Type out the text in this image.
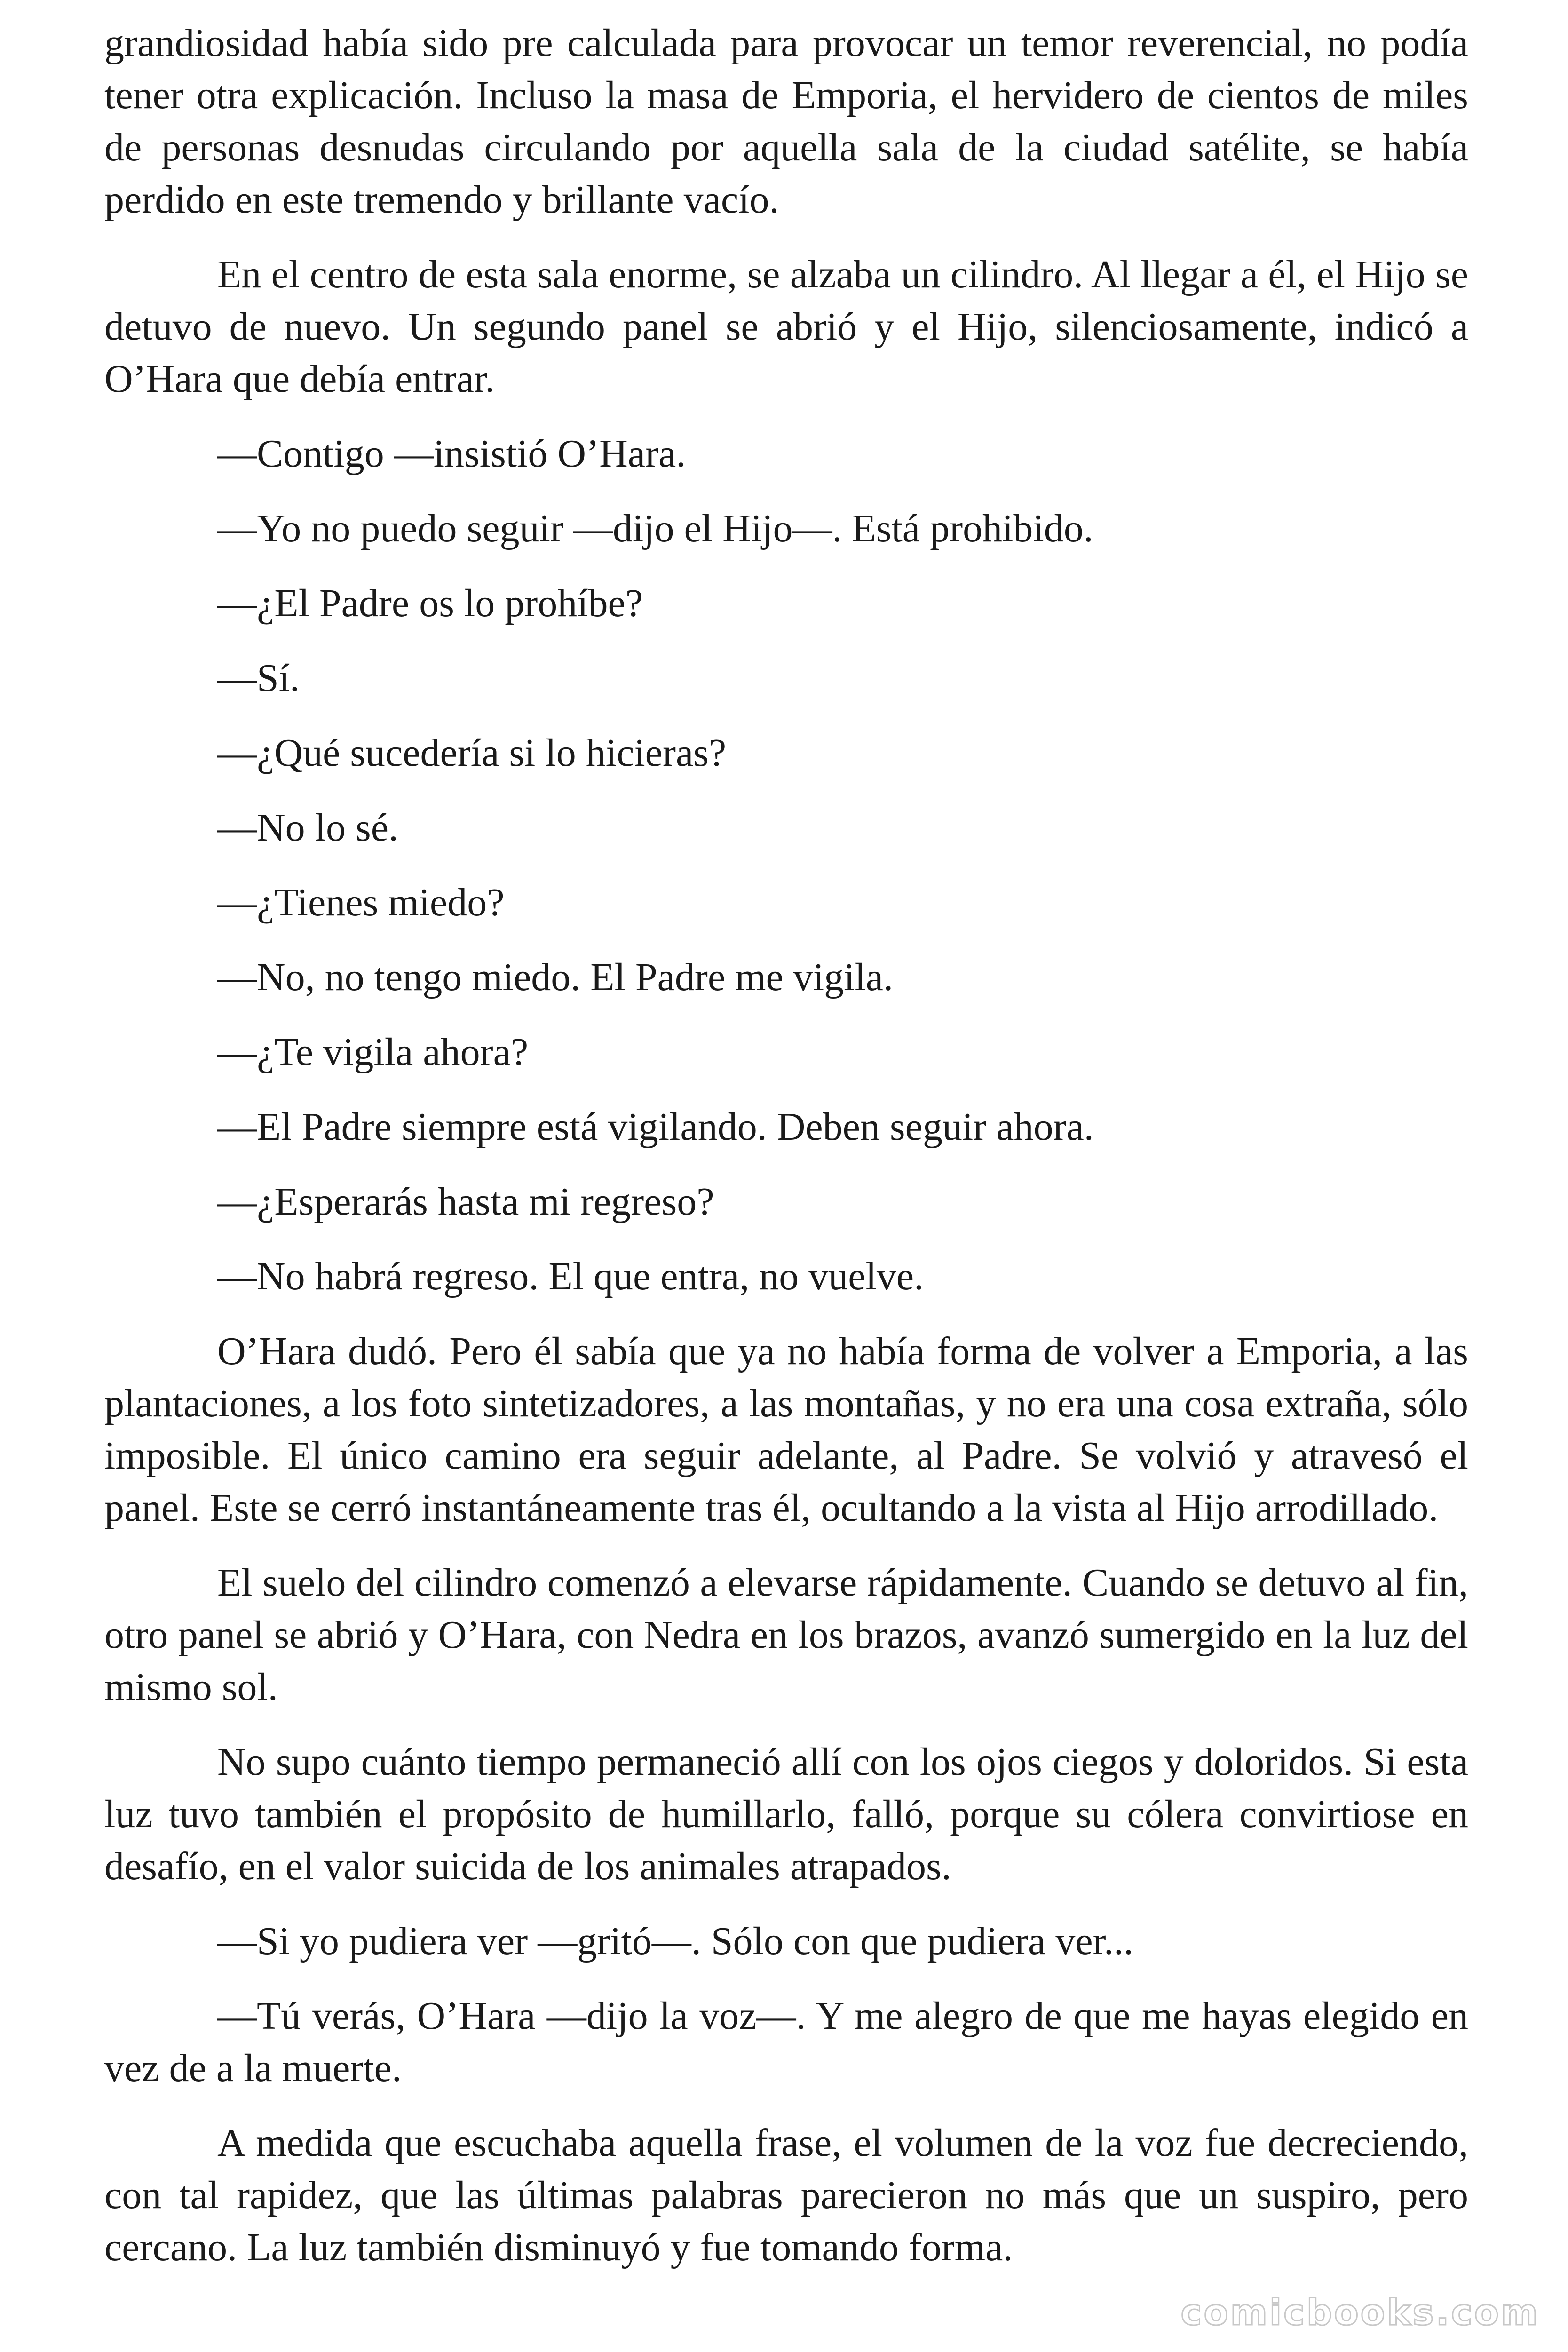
grandiosidad había sido pre calculada para provocar un temor reverencial, no podía tener otra explicación. Incluso la masa de Emporia, el hervidero de cientos de miles de personas desnudas circulando por aquella sala de la ciudad satélite, se había perdido en este tremendo y brillante vacío.

En el centro de esta sala enorme, se alzaba un cilindro. Al llegar a él, el Hijo se detuvo de nuevo. Un segundo panel se abrió y el Hijo, silenciosamente, indicó a O’Hara que debía entrar.

—Contigo —insistió O’Hara.

—Yo no puedo seguir —dijo el Hijo—. Está prohibido.

—¿El Padre os lo prohíbe?

—Sí.

—¿Qué sucedería si lo hicieras?

—No lo sé.

—¿Tienes miedo?

—No, no tengo miedo. El Padre me vigila.

—¿Te vigila ahora?

—El Padre siempre está vigilando. Deben seguir ahora.

—¿Esperarás hasta mi regreso?

—No habrá regreso. El que entra, no vuelve.

O’Hara dudó. Pero él sabía que ya no había forma de volver a Emporia, a las plantaciones, a los foto sintetizadores, a las montañas, y no era una cosa extraña, sólo imposible. El único camino era seguir adelante, al Padre. Se volvió y atravesó el panel. Este se cerró instantáneamente tras él, ocultando a la vista al Hijo arrodillado.

El suelo del cilindro comenzó a elevarse rápidamente. Cuando se detuvo al fin, otro panel se abrió y O’Hara, con Nedra en los brazos, avanzó sumergido en la luz del mismo sol.

No supo cuánto tiempo permaneció allí con los ojos ciegos y doloridos. Si esta luz tuvo también el propósito de humillarlo, falló, porque su cólera convirtiose en desafío, en el valor suicida de los animales atrapados.

—Si yo pudiera ver —gritó—. Sólo con que pudiera ver...

—Tú verás, O’Hara —dijo la voz—. Y me alegro de que me hayas elegido en vez de a la muerte.

A medida que escuchaba aquella frase, el volumen de la voz fue decreciendo, con tal rapidez, que las últimas palabras parecieron no más que un suspiro, pero cercano. La luz también disminuyó y fue tomando forma.

comicbooks.com
